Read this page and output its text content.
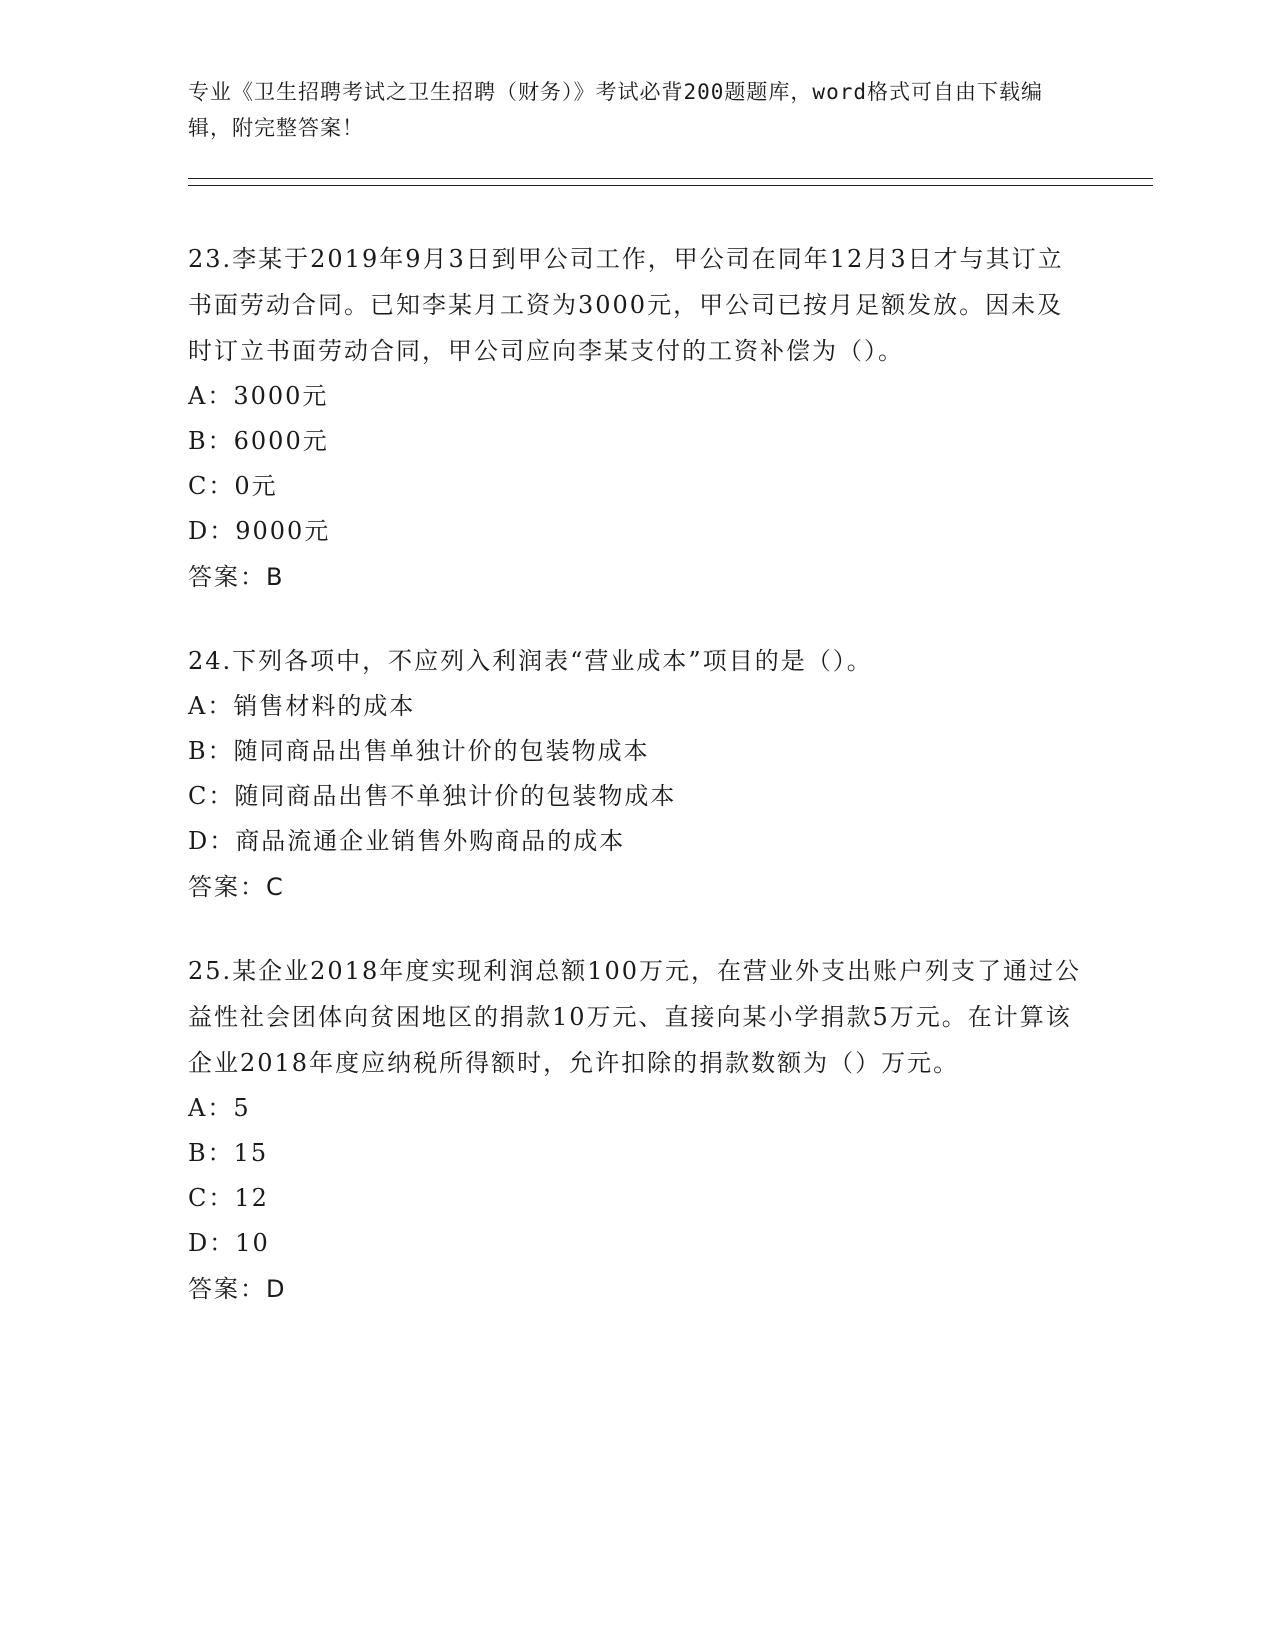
专业《卫生招聘考试之卫生招聘（财务）》考试必背200题题库，word格式可自由下载编辑，附完整答案！

23.李某于2019年9月3日到甲公司工作，甲公司在同年12月3日才与其订立书面劳动合同。已知李某月工资为3000元，甲公司已按月足额发放。因未及时订立书面劳动合同，甲公司应向李某支付的工资补偿为（）。

A：3000元

B：6000元

C：0元

D：9000元

答案：B

24.下列各项中，不应列入利润表“营业成本”项目的是（）。

A：销售材料的成本

B：随同商品出售单独计价的包装物成本

C：随同商品出售不单独计价的包装物成本

D：商品流通企业销售外购商品的成本

答案：C

25.某企业2018年度实现利润总额100万元，在营业外支出账户列支了通过公益性社会团体向贫困地区的捐款10万元、直接向某小学捐款5万元。在计算该企业2018年度应纳税所得额时，允许扣除的捐款数额为（）万元。

A：5

B：15

C：12

D：10

答案：D
